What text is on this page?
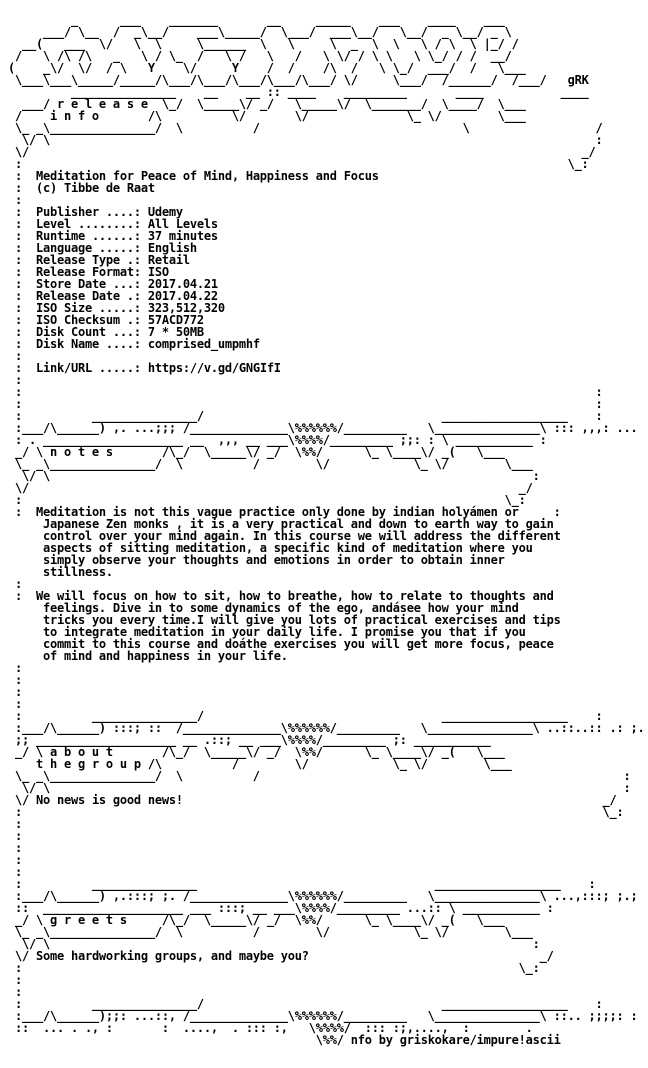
_      ___    _______       __     _____    ___    ____    ___
___/ \__  /  _\__/    ___\_____/  \___/  ___\__/   \__/  _ \__/ _ \
__(   ___  \/   \  \     \______  \   \     \  _  \  \   \ / \  \ |_/ /
/   \ /\ /\   _   \ / \_  /   \ /   \   /   \ \/ / \ \   \ \_/ / /  __/
(    _\/  \/  / \   Y    \/     Y    /  /    /\  /   \ \_/  ___/  /   \___
\___\___\_____/_____/\___/\___/\___/\___/\___/ \/     \___/  /______/  /___/   gRK
_______________    __    __ :: ____    _________       ____           ____
___/ r e l e a s e  \_/  \_____\/ _/   \_____\/  \_______/  \____/  \___
/    i n f o	/\          \/       \/              \_ \/        \___
\_ _\_______________/  \          /                             \                  /
\/ \                                                                              :
\/                                                                               _/
:                                                                              \_:
:  Meditation for Peace of Mind, Happiness and Focus
:  (c) Tibbe de Raat
:
:  Publisher ....: Udemy
:  Level ........: All Levels
:  Runtime ......: 37 minutes
:  Language .....: English
:  Release Type .: Retail
:  Release Format: ISO
:  Store Date ...: 2017.04.21
:  Release Date .: 2017.04.22
:  ISO Size .....: 323,512,320
:  ISO Checksum .: 57ACD772
:  Disk Count ...: 7 * 50MB
:  Disk Name ....: comprised_umpmhf
:
:  Link/URL .....: https://v.gd/GNGIfI
:
:                                                                                  :
:                                                                                  :
:          _______________/                                  __________________    :
:___/\______) ,. ...;;; /______________\%%%%%%/_________   \_______________\ ::: ,,,: ...
: . ____________________ __  ,,, __ ___\%%%%/_________ ;;: : \ ___________ :
_/ \ n o t e s	/\_/  \_____\/ _/  \%%/      \_ \____\/ _(   \___
\_ _\_______________/  \          /        \/            \_ \/        \___
\/ \                                                                     :
\/                                                                      _/
:                                                                     \_:
:  Meditation is not this vague practice only done by indian holyámen or	:
Japanese Zen monks , it is a very practical and down to earth way to gain
control over your mind again. In this course we will address the different
aspects of sitting meditation, a specific kind of meditation where you
simply observe your thoughts and emotions in order to obtain inner
stillness.
:
:  We will focus on how to sit, how to breathe, how to relate to thoughts and
feelings. Dive in to some dynamics of the ego, andásee how your mind
tricks you every time.I will give you lots of practical exercises and tips
to integrate meditation in your daily life. I promise you that if you
commit to this course and doáthe exercises you will get more focus, peace
of mind and happiness in your life.
:
:
:
:
:          _______________/                                  __________________    :
:___/\______) :::; ::  /______________\%%%%%%/_________   \_______________\ ..::..:: .: ;.
;; ____________________ __ .::; __ ___\%%%%/_________ ;: ___________
_/ \ a b o u t	/\_/  \_____\/ _/  \%%/      \_ \____\/ _(   \___
t h e g r o u p /\          /        \/            \_ \/        \___
\_ _\_______________/  \          /                                                    :
\/ \                                                                                  :
\/ No news is good news!	_/
:                                                                                   \_:
:
:
:
:
:
:          _______________                                  __________________    :
:___/\______) ,.:::; ;. /______________\%%%%%%/_________   \_______________\ ...,:::; ;.;
::  ____________________ ___ :::; __ ___\%%%%/_________ ...:: \ ___________ :
_/ \ g r e e t s	/\_/  \_____\/ _/  \%%/      \_ \____\/ _(   \___
\_ _\_______________/  \          /        \/            \_ \/        \___
\/ \                                                                     :
\/ Some hardworking groups, and maybe you?	_/
:                                                                       \_:
:
:
:          _______________/                                  __________________    :
:___/\______);;: ...::, /______________\%%%%%%/_________   \_______________\ ::.. ;;;;: :
::  ... . ., :       :  ....,  . ::: :,   \%%%%/  ::: :;,....,  :        .
\%%/ nfo by griskokare/impure!ascii
